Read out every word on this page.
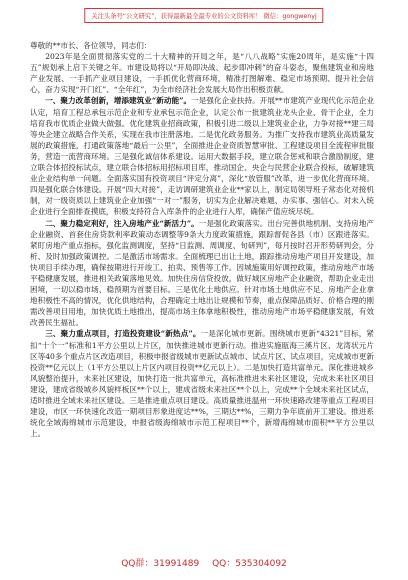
关注头条号“公文研究”，获得最新最全最专业的公文资料库！ 微信：gongwenyj

尊敬的**市长、各位领导，同志们：

2023年是全面贯彻落实党的二十大精神的开局之年，是“八八战略”实施20周年，是实施“十四五”规划承上启下关键之年。市建设局将以“开局即决战、起步即冲刺”的奋斗姿态，聚焦建筑业和房地产业发展、一手抓产业项目建设，一手抓优化营商环境，精准打图解难、稳定市场预期、提升社会信心，奋力实现“开门红”、“全年红”，为全市经济社会发展大局作出积极贡献。

一、聚力改革创新，增添建筑业“新动能”。一是强化企业扶持。开展**市建筑产业现代化示范企业认定，培育工程总承包示范企业和专业承包示范企业，认定公布一批建筑业龙头企业、骨干企业，全力培育我市优质企业做大做强。优化建筑业招商政策，积极引进二级以上建筑业企业，力争对接**建三局等央企建立战略合作关系，实现在我市注册落地。二是优化政务服务。为推广支持我市建筑业高质量发展的政策措施，打通政策落地“最后一公里”，全面推进企业资质智慧审批、工程建设项目全流程审批服务，营造一流营商环境。三是强化诚信体系建设。运用大数据手段，建立联合惩戒和联合激励制度，建立联合体招投标试点，建立联合体招标用招标项目库，推动国企、央企与民营企业联合投标，破解建筑业企业结构单一问题。全面落实国有投资项目“评定分离”，深化“放管服”改革，进一步优化营商环境。四是强化联合体建设。开展“四大对接”，走访调研建筑业企业**家以上，制定局领导班子常态化对接机制，对一级资质以上建筑业企业加强“一对一”服务，切实为企业解决难题、办实事、强信心。对未入统企业进行全面排查摸底，积极支持符合入库条件的企业进行入库，确保产值应统尽统。

二、聚力稳定利好，注入房地产业“新活力”。一是强化政策落实。出台完善供地机制、支持房地产企业融资、首套住房贷款利率政策动态调整等9条大力度政策措施，跟踪督促各县（市）区跟进落实。紧盯房地产重点指标，强化监测调度，坚持“日监测、周调度、旬研判”，每月按时召开形势研判会，分析、及时加强政策调控。二是激活市场需求。全面梳理已出让土地，跟踪推动房地产项目开发建设，加快项目手续办理，确保按期进行开竣工、拍卖、预售等工作。因城施策用好调控政策，推动房地产市场平稳健康发展，推进相关政策落地见效。加快住房信贷投放，做好城区房地产企业融资，帮助企业走出困境，一切以稳市场、稳预期为首要目标。三是优化土地供应。针对市场土地供应不足、房地产企业拿地积极性不高的情况，优化供地结构，合理确定土地出让规模和节奏，重点保障品质好、价格合理的刚需改善项目用地，加快优质土地推出，提高市场主体拿地积极性，推动房地产市场平稳健康发展，有效改善民生福祉。

三、聚力重点项目，打造投资建设“新热点”。一是深化城市更新。围绕城市更新“4321”目标，紧扣“十个一”标准和1平方公里以上片区，加快推进城市更新行动。推进实施瓯海三溪片区、龙湾状元片区等40多个重点片区改造项目，积极申报省级城市更新试点城市、试点片区、试点项目，完成城市更新投资**亿元以上（1平方公里以上片区内项目投资**亿元以上）。二是加快打造共富单元。深化推进城乡风貌整治提升，未来社区建设，加快打造一批共富单元，高标准推进未来社区建设，完成未来社区项目建设，建成省级城乡风貌样板区**个以上，建成省级未来社区**个以上，完成**个全域未来社区试点，适时推进全域未来社区建设。三是推进重点项目建设。高质量推进温州一环快速路改建等重点工程项目建设，市区一环快速化改造一期项目形象进度达**%，三期达**%，三期力争年底前开工建设。推进系统化全域海绵城市示范建设，申报省级海绵城市示范工程项目**个，新增海绵城市面积**平方公里以上。

QQ群：31991489 QQ：535304092
